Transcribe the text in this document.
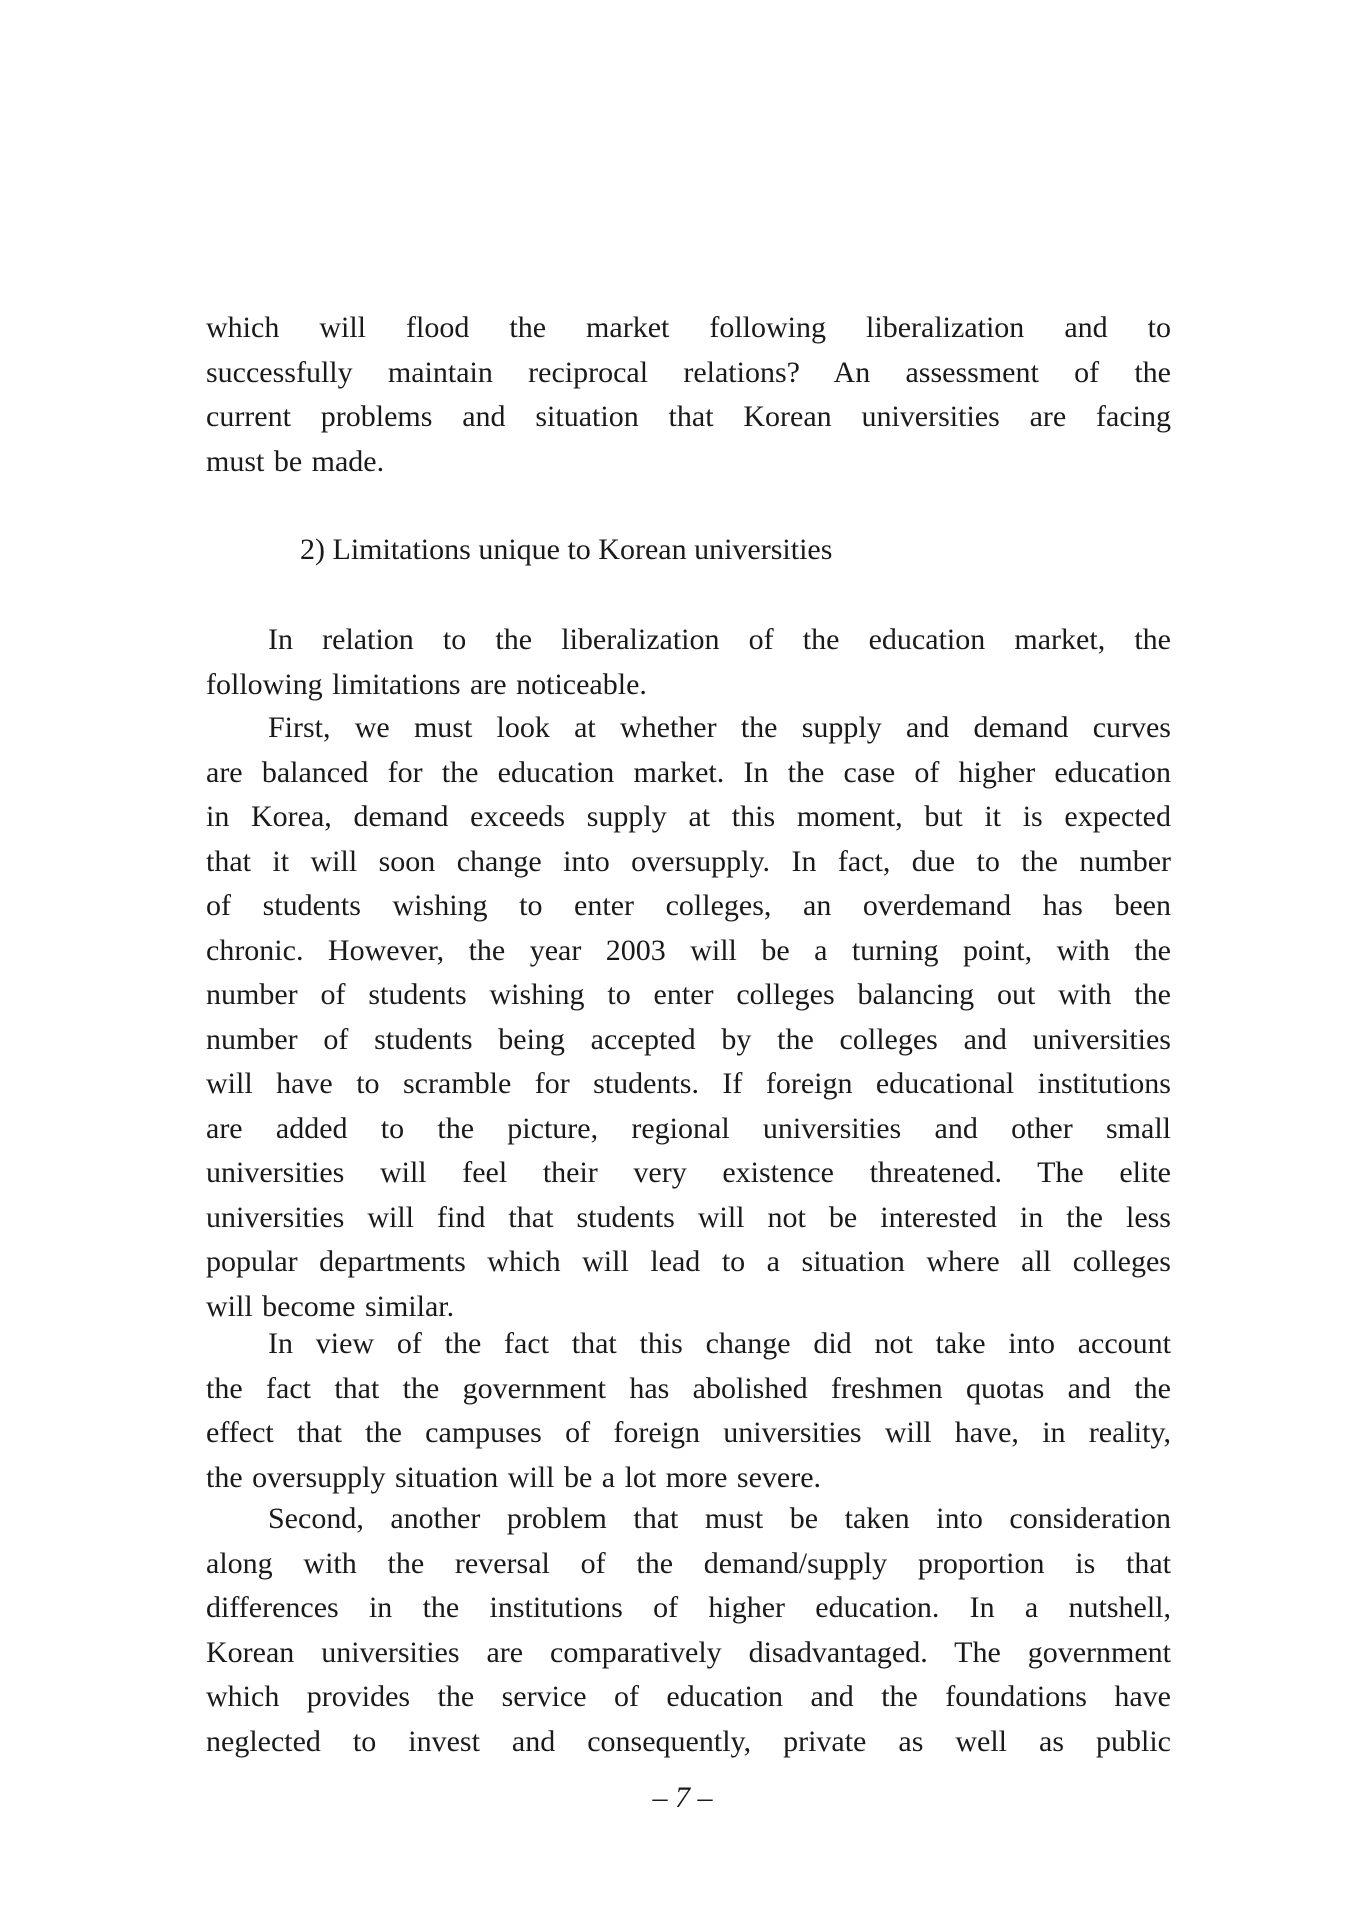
which will flood the market following liberalization and to
successfully maintain reciprocal relations? An assessment of the
current problems and situation that Korean universities are facing
must be made.
2) Limitations unique to Korean universities
In relation to the liberalization of the education market, the
following limitations are noticeable.
First, we must look at whether the supply and demand curves
are balanced for the education market. In the case of higher education
in Korea, demand exceeds supply at this moment, but it is expected
that it will soon change into oversupply. In fact, due to the number
of students wishing to enter colleges, an overdemand has been
chronic. However, the year 2003 will be a turning point, with the
number of students wishing to enter colleges balancing out with the
number of students being accepted by the colleges and universities
will have to scramble for students. If foreign educational institutions
are added to the picture, regional universities and other small
universities will feel their very existence threatened. The elite
universities will find that students will not be interested in the less
popular departments which will lead to a situation where all colleges
will become similar.
In view of the fact that this change did not take into account
the fact that the government has abolished freshmen quotas and the
effect that the campuses of foreign universities will have, in reality,
the oversupply situation will be a lot more severe.
Second, another problem that must be taken into consideration
along with the reversal of the demand/supply proportion is that
differences in the institutions of higher education. In a nutshell,
Korean universities are comparatively disadvantaged. The government
which provides the service of education and the foundations have
neglected to invest and consequently, private as well as public
– 7 –
